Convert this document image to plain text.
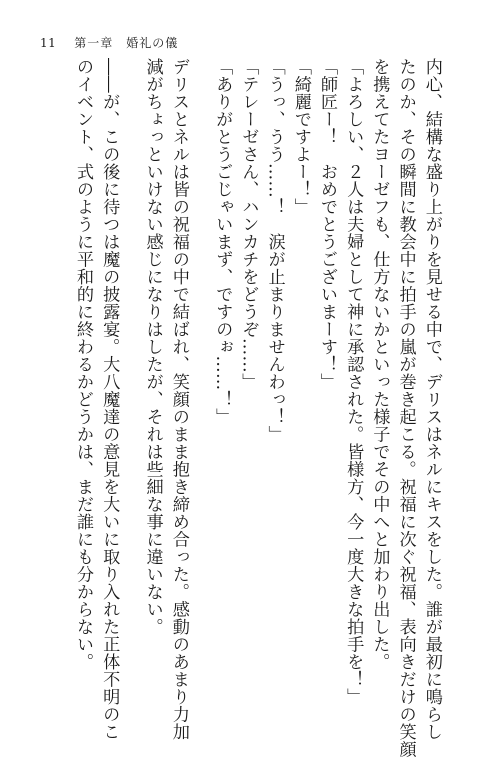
11 第一章　婚礼の儀
内心、結構な盛り上がりを見せる中で、デリスはネルにキスをした。誰が最初に鳴らし
たのか、その瞬間に教会中に拍手の嵐が巻き起こる。祝福に次ぐ祝福、表向きだけの笑顔
を携えてたヨーゼフも、仕方ないかといった様子でその中へと加わり出した。
「よろしい、２人は夫婦として神に承認された。皆様方、今一度大きな拍手を！」
「師匠ー！　おめでとうございまーす！」
「綺麗ですよー！」
「うっ、うう……！　涙が止まりませんわっ！」
「テレーゼさん、ハンカチをどうぞ……」
「ありがとうごじゃいまず、ですのぉ……！」
デリスとネルは皆の祝福の中で結ばれ、笑顔のまま抱き締め合った。感動のあまり力加
減がちょっといけない感じになりはしたが、それは些細な事に違いない。
――が、この後に待つは魔の披露宴。大八魔達の意見を大いに取り入れた正体不明のこ
のイベント、式のように平和的に終わるかどうかは、まだ誰にも分からない。
